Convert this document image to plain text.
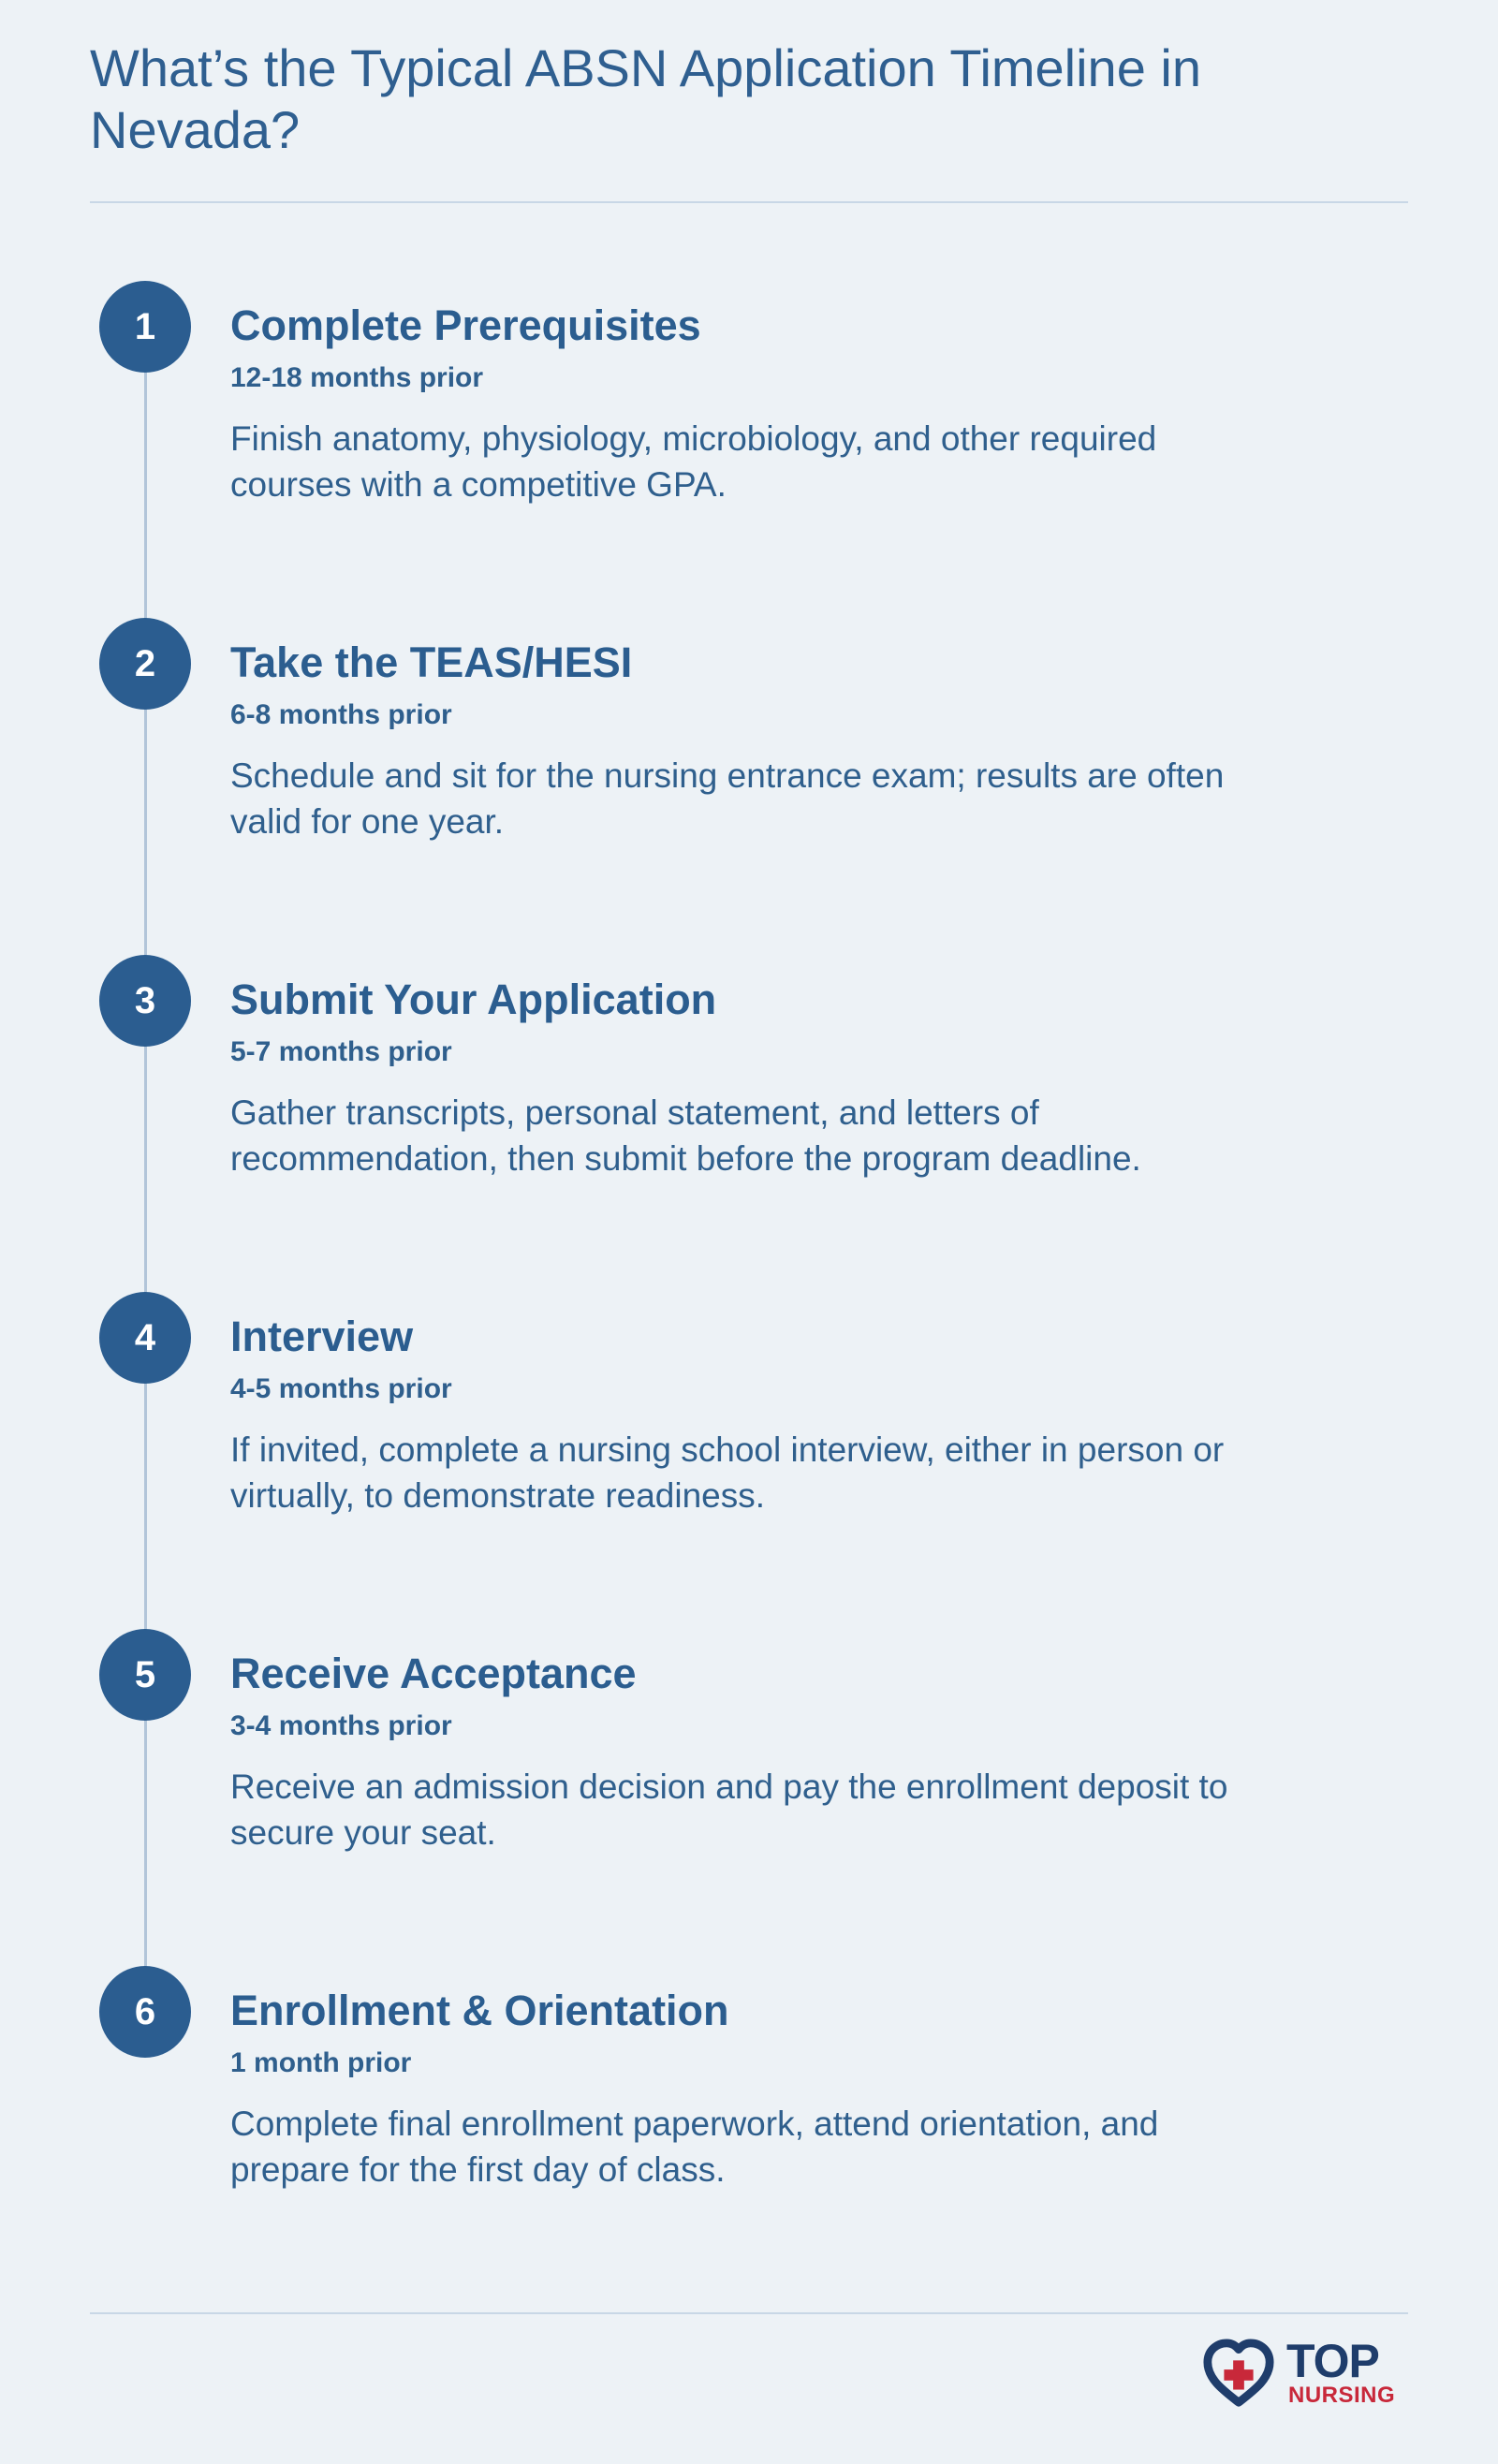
What’s the Typical ABSN Application Timeline in Nevada?
1	Complete Prerequisites
12-18 months prior
Finish anatomy, physiology, microbiology, and other required courses with a competitive GPA.
2	Take the TEAS/HESI
6-8 months prior
Schedule and sit for the nursing entrance exam; results are often valid for one year.
3	Submit Your Application
5-7 months prior
Gather transcripts, personal statement, and letters of recommendation, then submit before the program deadline.
4	Interview
4-5 months prior
If invited, complete a nursing school interview, either in person or virtually, to demonstrate readiness.
5	Receive Acceptance
3-4 months prior
Receive an admission decision and pay the enrollment deposit to secure your seat.
6	Enrollment & Orientation
1 month prior
Complete final enrollment paperwork, attend orientation, and prepare for the first day of class.
TOP
NURSING
